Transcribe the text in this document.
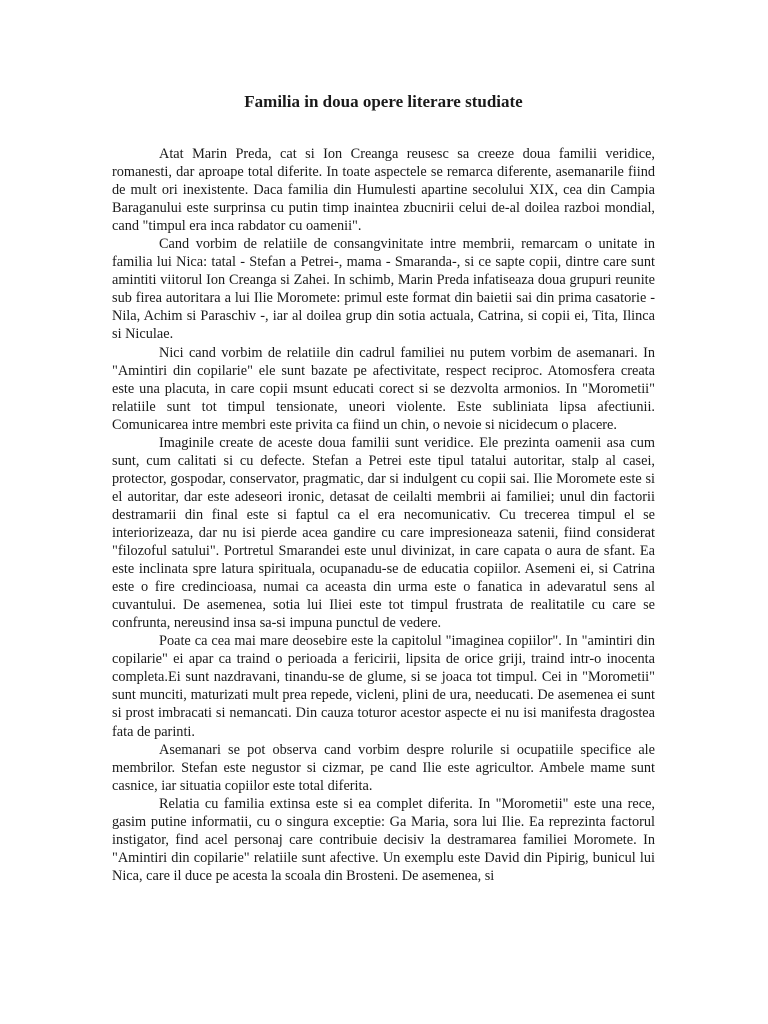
Familia in doua opere literare studiate

Atat Marin Preda, cat si Ion Creanga reusesc sa creeze doua familii veridice, romanesti, dar aproape total diferite. In toate aspectele se remarca diferente, asemanarile fiind de mult ori inexistente. Daca familia din Humulesti apartine secolului XIX, cea din Campia Baraganului este surprinsa cu putin timp inaintea zbucnirii celui de-al doilea razboi mondial, cand "timpul era inca rabdator cu oamenii".

Cand vorbim de relatiile de consangvinitate intre membrii, remarcam o unitate in familia lui Nica: tatal - Stefan a Petrei-, mama - Smaranda-, si ce sapte copii, dintre care sunt amintiti viitorul Ion Creanga si Zahei. In schimb, Marin Preda infatiseaza doua grupuri reunite sub firea autoritara a lui Ilie Moromete: primul este format din baietii sai din prima casatorie - Nila, Achim si Paraschiv -, iar al doilea grup din sotia actuala, Catrina, si copii ei, Tita, Ilinca si Niculae.

Nici cand vorbim de relatiile din cadrul familiei nu putem vorbim de asemanari. In "Amintiri din copilarie" ele sunt bazate pe afectivitate, respect reciproc. Atomosfera creata este una placuta, in care copii msunt educati corect si se dezvolta armonios. In "Morometii" relatiile sunt tot timpul tensionate, uneori violente. Este subliniata lipsa afectiunii. Comunicarea intre membri este privita ca fiind un chin, o nevoie si nicidecum o placere.

Imaginile create de aceste doua familii sunt veridice. Ele prezinta oamenii asa cum sunt, cum calitati si cu defecte. Stefan a Petrei este tipul tatalui autoritar, stalp al casei, protector, gospodar, conservator, pragmatic, dar si indulgent cu copii sai. Ilie Moromete este si el autoritar, dar este adeseori ironic, detasat de ceilalti membrii ai familiei; unul din factorii destramarii din final este si faptul ca el era necomunicativ. Cu trecerea timpul el se interiorizeaza, dar nu isi pierde acea gandire cu care impresioneaza satenii, fiind considerat "filozoful satului". Portretul Smarandei este unul divinizat, in care capata o aura de sfant. Ea este inclinata spre latura spirituala, ocupanadu-se de educatia copiilor. Asemeni ei, si Catrina este o fire credincioasa, numai ca aceasta din urma este o fanatica in adevaratul sens al cuvantului. De asemenea, sotia lui Iliei este tot timpul frustrata de realitatile cu care se confrunta, nereusind insa sa-si impuna punctul de vedere.

Poate ca cea mai mare deosebire este la capitolul "imaginea copiilor". In "amintiri din copilarie" ei apar ca traind o perioada a fericirii, lipsita de orice griji, traind intr-o inocenta completa.Ei sunt nazdravani, tinandu-se de glume, si se joaca tot timpul. Cei in "Morometii" sunt munciti, maturizati mult prea repede, vicleni, plini de ura, needucati. De asemenea ei sunt si prost imbracati si nemancati. Din cauza toturor acestor aspecte ei nu isi manifesta dragostea fata de parinti.

Asemanari se pot observa cand vorbim despre rolurile si ocupatiile specifice ale membrilor. Stefan este negustor si cizmar, pe cand Ilie este agricultor. Ambele mame sunt casnice, iar situatia copiilor este total diferita.

Relatia cu familia extinsa este si ea complet diferita. In "Morometii" este una rece, gasim putine informatii, cu o singura exceptie: Ga Maria, sora lui Ilie. Ea reprezinta factorul instigator, find acel personaj care contribuie decisiv la destramarea familiei Moromete. In "Amintiri din copilarie" relatiile sunt afective. Un exemplu este David din Pipirig, bunicul lui Nica, care il duce pe acesta la scoala din Brosteni. De asemenea, si
